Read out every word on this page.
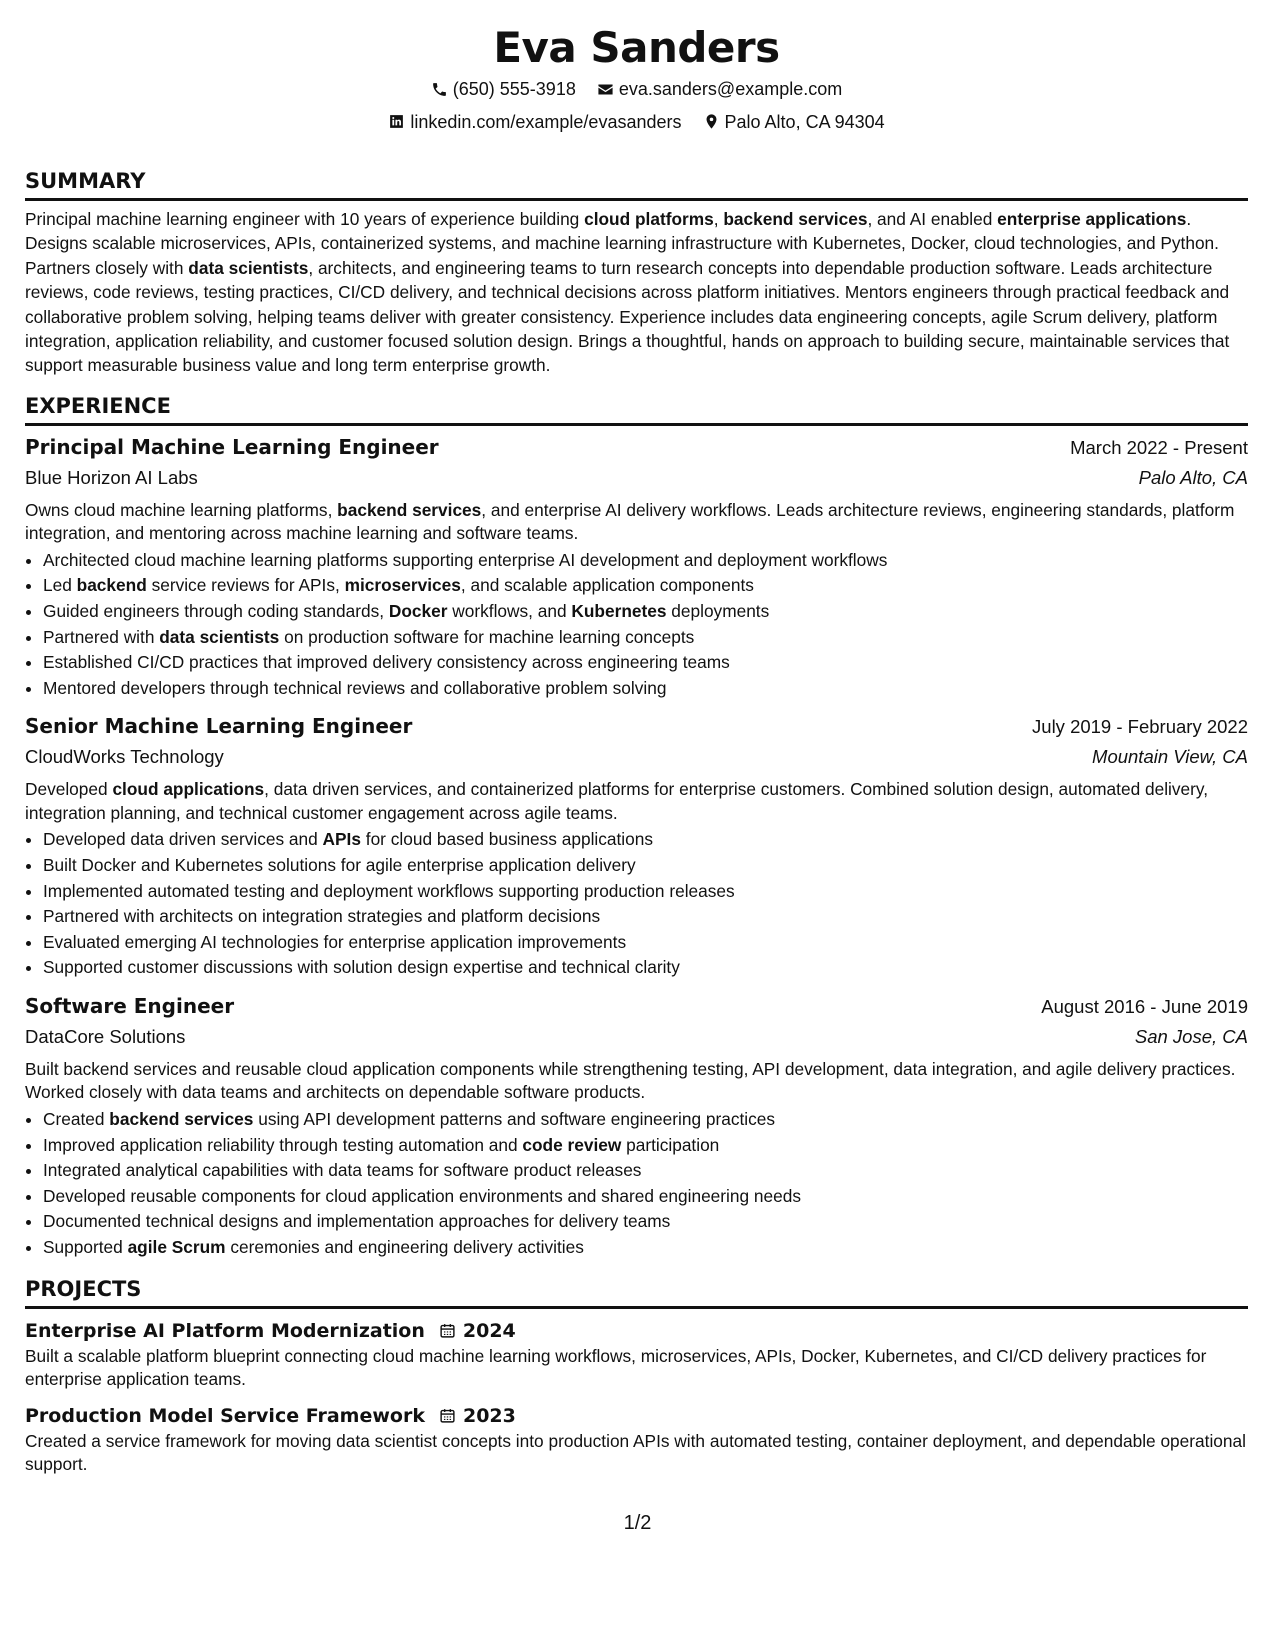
Eva Sanders
(650) 555-3918
eva.sanders@example.com
linkedin.com/example/evasanders
Palo Alto, CA 94304
SUMMARY

Principal machine learning engineer with 10 years of experience building cloud platforms, backend services, and AI enabled enterprise applications. Designs scalable microservices, APIs, containerized systems, and machine learning infrastructure with Kubernetes, Docker, cloud technologies, and Python. Partners closely with data scientists, architects, and engineering teams to turn research concepts into dependable production software. Leads architecture reviews, code reviews, testing practices, CI/CD delivery, and technical decisions across platform initiatives. Mentors engineers through practical feedback and collaborative problem solving, helping teams deliver with greater consistency. Experience includes data engineering concepts, agile Scrum delivery, platform integration, application reliability, and customer focused solution design. Brings a thoughtful, hands on approach to building secure, maintainable services that support measurable business value and long term enterprise growth.

EXPERIENCE
Principal Machine Learning Engineer	March 2022 - Present
Blue Horizon AI Labs	Palo Alto, CA

Owns cloud machine learning platforms, backend services, and enterprise AI delivery workflows. Leads architecture reviews, engineering standards, platform integration, and mentoring across machine learning and software teams.

• Architected cloud machine learning platforms supporting enterprise AI development and deployment workflows
• Led backend service reviews for APIs, microservices, and scalable application components
• Guided engineers through coding standards, Docker workflows, and Kubernetes deployments
• Partnered with data scientists on production software for machine learning concepts
• Established CI/CD practices that improved delivery consistency across engineering teams
• Mentored developers through technical reviews and collaborative problem solving
Senior Machine Learning Engineer	July 2019 - February 2022
CloudWorks Technology	Mountain View, CA

Developed cloud applications, data driven services, and containerized platforms for enterprise customers. Combined solution design, automated delivery, integration planning, and technical customer engagement across agile teams.

• Developed data driven services and APIs for cloud based business applications
• Built Docker and Kubernetes solutions for agile enterprise application delivery
• Implemented automated testing and deployment workflows supporting production releases
• Partnered with architects on integration strategies and platform decisions
• Evaluated emerging AI technologies for enterprise application improvements
• Supported customer discussions with solution design expertise and technical clarity
Software Engineer	August 2016 - June 2019
DataCore Solutions	San Jose, CA

Built backend services and reusable cloud application components while strengthening testing, API development, data integration, and agile delivery practices. Worked closely with data teams and architects on dependable software products.

• Created backend services using API development patterns and software engineering practices
• Improved application reliability through testing automation and code review participation
• Integrated analytical capabilities with data teams for software product releases
• Developed reusable components for cloud application environments and shared engineering needs
• Documented technical designs and implementation approaches for delivery teams
• Supported agile Scrum ceremonies and engineering delivery activities
PROJECTS
Enterprise AI Platform Modernization 2024

Built a scalable platform blueprint connecting cloud machine learning workflows, microservices, APIs, Docker, Kubernetes, and CI/CD delivery practices for enterprise application teams.

Production Model Service Framework 2023

Created a service framework for moving data scientist concepts into production APIs with automated testing, container deployment, and dependable operational support.

1/2
